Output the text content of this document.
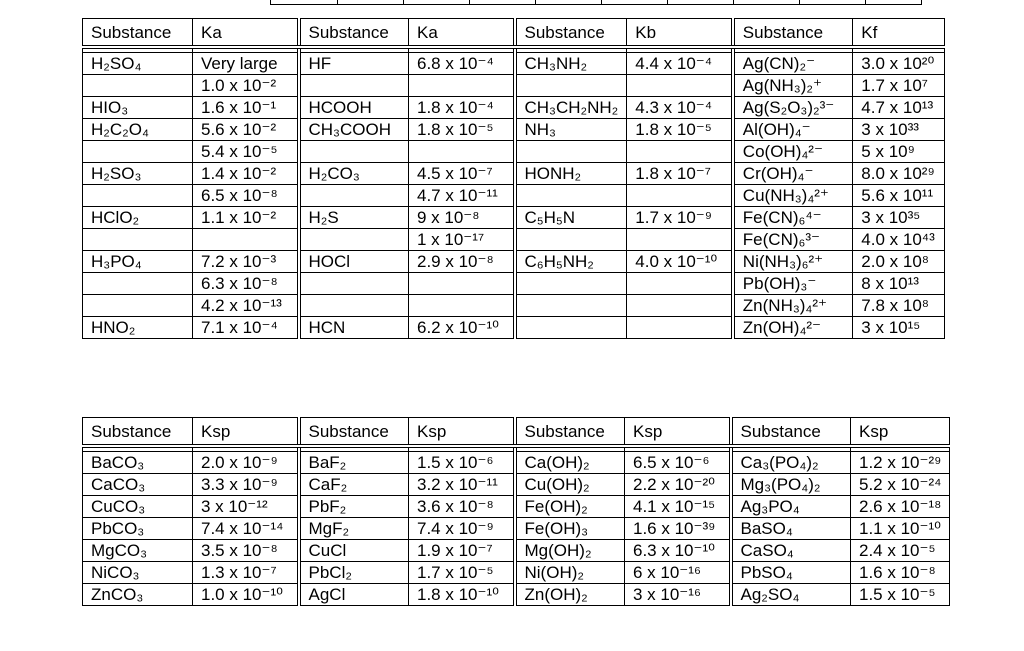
Substance	Ka	Substance	Ka	Substance	Kb	Substance	Kf

H₂SO₄	Very large	HF	6.8 x 10⁻⁴	CH₃NH₂	4.4 x 10⁻⁴	Ag(CN)₂⁻	3.0 x 10²⁰
	1.0 x 10⁻²					Ag(NH₃)₂⁺	1.7 x 10⁷
HIO₃	1.6 x 10⁻¹	HCOOH	1.8 x 10⁻⁴	CH₃CH₂NH₂	4.3 x 10⁻⁴	Ag(S₂O₃)₂³⁻	4.7 x 10¹³
H₂C₂O₄	5.6 x 10⁻²	CH₃COOH	1.8 x 10⁻⁵	NH₃	1.8 x 10⁻⁵	Al(OH)₄⁻	3 x 10³³
	5.4 x 10⁻⁵					Co(OH)₄²⁻	5 x 10⁹
H₂SO₃	1.4 x 10⁻²	H₂CO₃	4.5 x 10⁻⁷	HONH₂	1.8 x 10⁻⁷	Cr(OH)₄⁻	8.0 x 10²⁹
	6.5 x 10⁻⁸		4.7 x 10⁻¹¹			Cu(NH₃)₄²⁺	5.6 x 10¹¹
HClO₂	1.1 x 10⁻²	H₂S	9 x 10⁻⁸	C₅H₅N	1.7 x 10⁻⁹	Fe(CN)₆⁴⁻	3 x 10³⁵
			1 x 10⁻¹⁷			Fe(CN)₆³⁻	4.0 x 10⁴³
H₃PO₄	7.2 x 10⁻³	HOCl	2.9 x 10⁻⁸	C₆H₅NH₂	4.0 x 10⁻¹⁰	Ni(NH₃)₆²⁺	2.0 x 10⁸
	6.3 x 10⁻⁸					Pb(OH)₃⁻	8 x 10¹³
	4.2 x 10⁻¹³					Zn(NH₃)₄²⁺	7.8 x 10⁸
HNO₂	7.1 x 10⁻⁴	HCN	6.2 x 10⁻¹⁰			Zn(OH)₄²⁻	3 x 10¹⁵
Substance	Ksp	Substance	Ksp	Substance	Ksp	Substance	Ksp

BaCO₃	2.0 x 10⁻⁹	BaF₂	1.5 x 10⁻⁶	Ca(OH)₂	6.5 x 10⁻⁶	Ca₃(PO₄)₂	1.2 x 10⁻²⁹
CaCO₃	3.3 x 10⁻⁹	CaF₂	3.2 x 10⁻¹¹	Cu(OH)₂	2.2 x 10⁻²⁰	Mg₃(PO₄)₂	5.2 x 10⁻²⁴
CuCO₃	3 x 10⁻¹²	PbF₂	3.6 x 10⁻⁸	Fe(OH)₂	4.1 x 10⁻¹⁵	Ag₃PO₄	2.6 x 10⁻¹⁸
PbCO₃	7.4 x 10⁻¹⁴	MgF₂	7.4 x 10⁻⁹	Fe(OH)₃	1.6 x 10⁻³⁹	BaSO₄	1.1 x 10⁻¹⁰
MgCO₃	3.5 x 10⁻⁸	CuCl	1.9 x 10⁻⁷	Mg(OH)₂	6.3 x 10⁻¹⁰	CaSO₄	2.4 x 10⁻⁵
NiCO₃	1.3 x 10⁻⁷	PbCl₂	1.7 x 10⁻⁵	Ni(OH)₂	6 x 10⁻¹⁶	PbSO₄	1.6 x 10⁻⁸
ZnCO₃	1.0 x 10⁻¹⁰	AgCl	1.8 x 10⁻¹⁰	Zn(OH)₂	3 x 10⁻¹⁶	Ag₂SO₄	1.5 x 10⁻⁵
